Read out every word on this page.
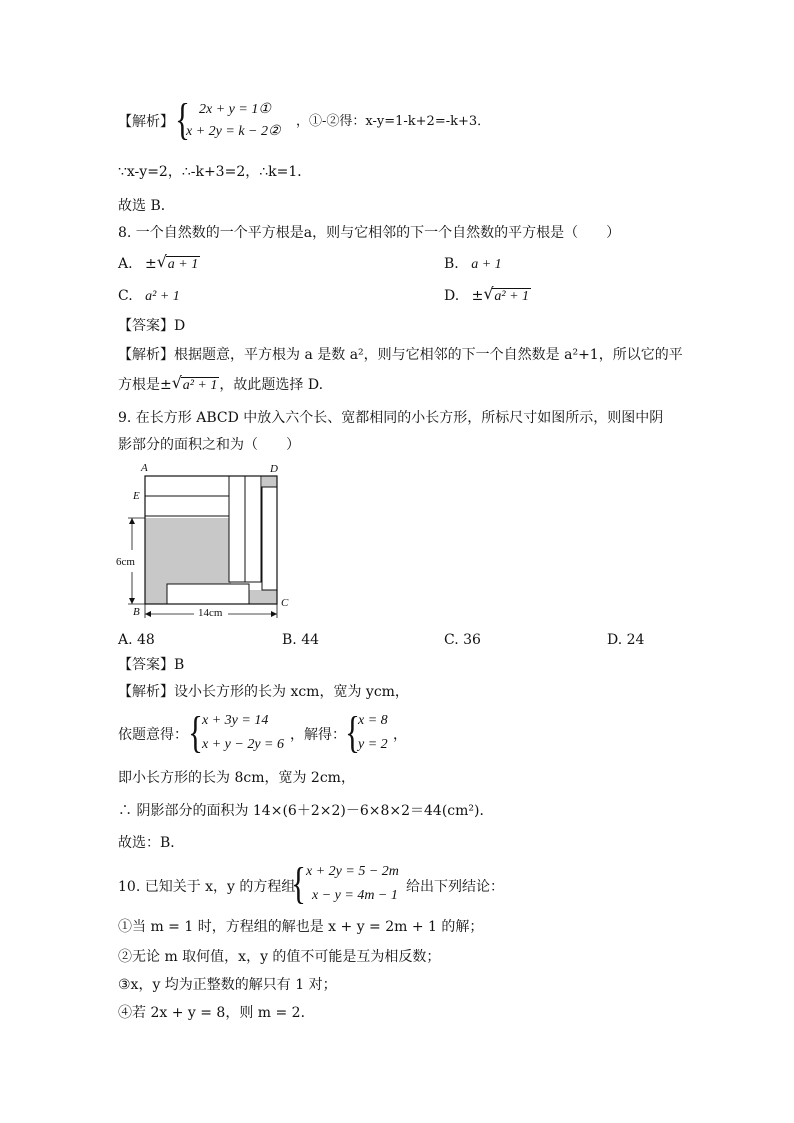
【解析】 { 2x + y = 1①
x + 2y = k − 2②
，①-②得：x-y=1-k+2=-k+3．
∵x-y=2，∴-k+3=2，∴k=1．
故选 B．
8. 一个自然数的一个平方根是a，则与它相邻的下一个自然数的平方根是（　　）
A. ± √ a + 1	B. a + 1
C. a² + 1	D. ± √ a² + 1
【答案】D
【解析】根据题意，平方根为 a 是数 a²，则与它相邻的下一个自然数是 a²+1，所以它的平
方根是± √ a² + 1 ，故此题选择 D.
9. 在长方形 ABCD 中放入六个长、宽都相同的小长方形，所标尺寸如图所示，则图中阴
影部分的面积之和为（　　）
A	D
E
B
C
6cm
14cm
A. 48	B. 44	C. 36	D. 24
【答案】B
【解析】设小长方形的长为 xcm，宽为 ycm，
依题意得： { x + 3y = 14
x + y − 2y = 6
，解得： {
x = 8
y = 2
，
即小长方形的长为 8cm，宽为 2cm，
∴ 阴影部分的面积为 14×(6＋2×2)－6×8×2＝44(cm²)．
故选：B．
10. 已知关于 x，y 的方程组
{ x + 2y = 5 − 2m
x − y = 4m − 1
给出下列结论：
①当 m = 1 时，方程组的解也是 x + y = 2m + 1 的解；
②无论 m 取何值，x，y 的值不可能是互为相反数；
③x，y 均为正整数的解只有 1 对；
④若 2x + y = 8，则 m = 2．
